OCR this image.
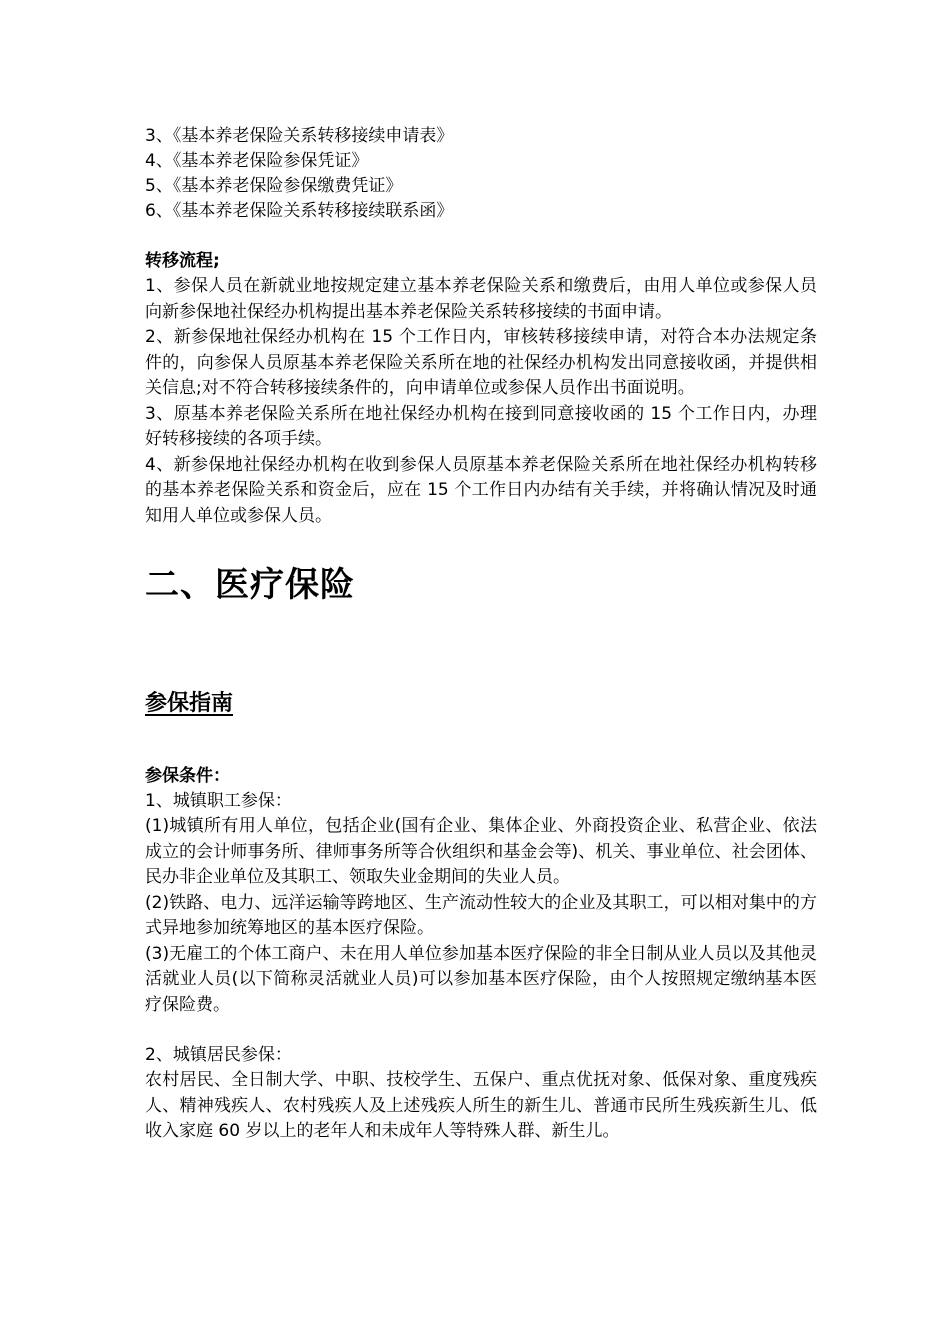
3、《基本养老保险关系转移接续申请表》

4、《基本养老保险参保凭证》

5、《基本养老保险参保缴费凭证》

6、《基本养老保险关系转移接续联系函》

转移流程;

1、参保人员在新就业地按规定建立基本养老保险关系和缴费后，由用人单位或参保人员向新参保地社保经办机构提出基本养老保险关系转移接续的书面申请。

2、新参保地社保经办机构在 15 个工作日内，审核转移接续申请，对符合本办法规定条件的，向参保人员原基本养老保险关系所在地的社保经办机构发出同意接收函，并提供相关信息;对不符合转移接续条件的，向申请单位或参保人员作出书面说明。

3、原基本养老保险关系所在地社保经办机构在接到同意接收函的 15 个工作日内，办理好转移接续的各项手续。

4、新参保地社保经办机构在收到参保人员原基本养老保险关系所在地社保经办机构转移的基本养老保险关系和资金后，应在 15 个工作日内办结有关手续，并将确认情况及时通知用人单位或参保人员。

二、医疗保险
参保指南

参保条件：

1、城镇职工参保：

(1)城镇所有用人单位，包括企业(国有企业、集体企业、外商投资企业、私营企业、依法成立的会计师事务所、律师事务所等合伙组织和基金会等)、机关、事业单位、社会团体、民办非企业单位及其职工、领取失业金期间的失业人员。

(2)铁路、电力、远洋运输等跨地区、生产流动性较大的企业及其职工，可以相对集中的方式异地参加统筹地区的基本医疗保险。

(3)无雇工的个体工商户、未在用人单位参加基本医疗保险的非全日制从业人员以及其他灵活就业人员(以下简称灵活就业人员)可以参加基本医疗保险，由个人按照规定缴纳基本医疗保险费。

2、城镇居民参保：

农村居民、全日制大学、中职、技校学生、五保户、重点优抚对象、低保对象、重度残疾人、精神残疾人、农村残疾人及上述残疾人所生的新生儿、普通市民所生残疾新生儿、低收入家庭 60 岁以上的老年人和未成年人等特殊人群、新生儿。
